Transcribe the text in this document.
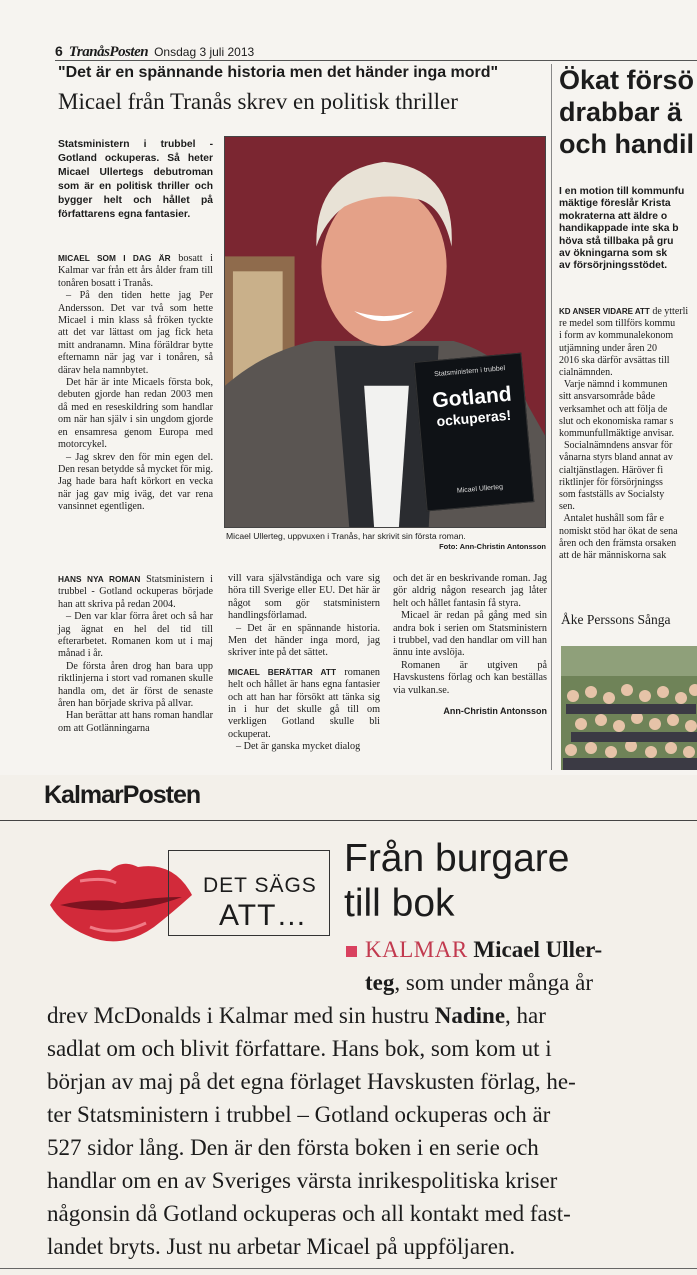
6 TranåsPosten Onsdag 3 juli 2013
"Det är en spännande historia men det händer inga mord"
Micael från Tranås skrev en politisk thriller
Statsministern i trubbel - Gotland ockuperas. Så heter Micael Ullertegs debutroman som är en politisk thriller och bygger helt och hållet på författarens egna fantasier.

MICAEL SOM I DAG ÄR bosatt i Kalmar var från ett års ålder fram till tonåren bosatt i Tranås.

– På den tiden hette jag Per Andersson. Det var två som hette Micael i min klass så fröken tyckte att det var lättast om jag fick heta mitt andranamn. Mina föräldrar bytte efternamn när jag var i tonåren, så därav hela namnbytet.

Det här är inte Micaels första bok, debuten gjorde han redan 2003 men då med en reseskildring som handlar om när han själv i sin ungdom gjorde en ensamresa genom Europa med motorcykel.

– Jag skrev den för min egen del. Den resan betydde så mycket för mig. Jag hade bara haft körkort en vecka när jag gav mig iväg, det var rena vansinnet egentligen.

HANS NYA ROMAN Statsministern i trubbel - Gotland ockuperas började han att skriva på redan 2004.

– Den var klar förra året och så har jag ägnat en hel del tid till efterarbetet. Romanen kom ut i maj månad i år.

De första åren drog han bara upp riktlinjerna i stort vad romanen skulle handla om, det är först de senaste åren han började skriva på allvar.

Han berättar att hans roman handlar om att Gotlänningarna

vill vara självständiga och vare sig höra till Sverige eller EU. Det här är något som gör statsministern handlingsförlamad.

– Det är en spännande historia. Men det händer inga mord, jag skriver inte på det sättet.

MICAEL BERÄTTAR ATT romanen helt och hållet är hans egna fantasier och att han har försökt att tänka sig in i hur det skulle gå till om verkligen Gotland skulle bli ockuperat.

– Det är ganska mycket dialog

och det är en beskrivande roman. Jag gör aldrig någon research jag låter helt och hållet fantasin få styra.

Micael är redan på gång med sin andra bok i serien om Statsministern i trubbel, vad den handlar om vill han ännu inte avslöja.

Romanen är utgiven på Havskustens förlag och kan beställas via vulkan.se.

Ann-Christin Antonsson
Statsministern i trubbel
Gotland
ockuperas!
Micael Ullerteg
Micael Ullerteg, uppvuxen i Tranås, har skrivit sin första roman.
Foto: Ann-Christin Antonsson
Ökat försö
drabbar ä
och handil
I en motion till kommunfu
mäktige föreslår Krista
mokraterna att äldre o
handikappade inte ska b
höva stå tillbaka på gru
av ökningarna som sk
av försörjningsstödet.
KD ANSER VIDARE ATT de ytterli
re medel som tillförs kommu
i form av kommunalekonom
utjämning under åren 20
2016 ska därför avsättas till
cialnämnden.
Varje nämnd i kommunen
sitt ansvarsområde både
verksamhet och att följa de
slut och ekonomiska ramar s
kommunfullmäktige anvisar.
Socialnämndens ansvar för
vånarna styrs bland annat av
cialtjänstlagen. Häröver fi
riktlinjer för försörjningss
som fastställs av Socialsty
sen.
Antalet hushåll som får e
nomiskt stöd har ökat de sena
åren och den främsta orsaken
att de här människorna sak
Åke Perssons Sånga
KalmarPosten
DET SÄGS
ATT…
Från burgare
till bok
KALMAR Micael Uller-
teg, som under många år
drev McDonalds i Kalmar med sin hustru Nadine, har
sadlat om och blivit författare. Hans bok, som kom ut i
början av maj på det egna förlaget Havskusten förlag, he-
ter Statsministern i trubbel – Gotland ockuperas och är
527 sidor lång. Den är den första boken i en serie och
handlar om en av Sveriges värsta inrikespolitiska kriser
någonsin då Gotland ockuperas och all kontakt med fast-
landet bryts. Just nu arbetar Micael på uppföljaren.
